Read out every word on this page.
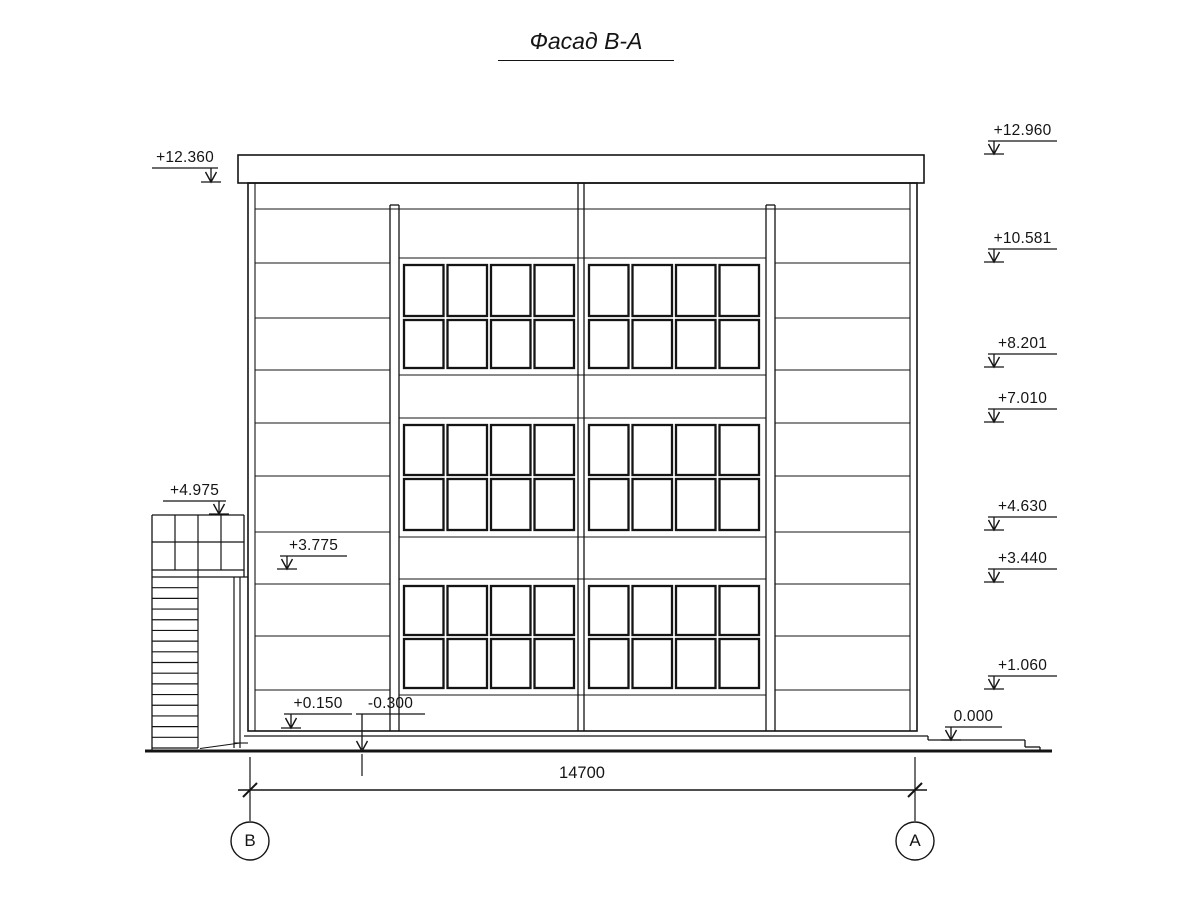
Фасад В-А
+12.360
+4.975
+3.775
+0.150	-0.300
+12.960
+10.581
+8.201
+7.010
+4.630
+3.440
+1.060
0.000
14700
В	А
